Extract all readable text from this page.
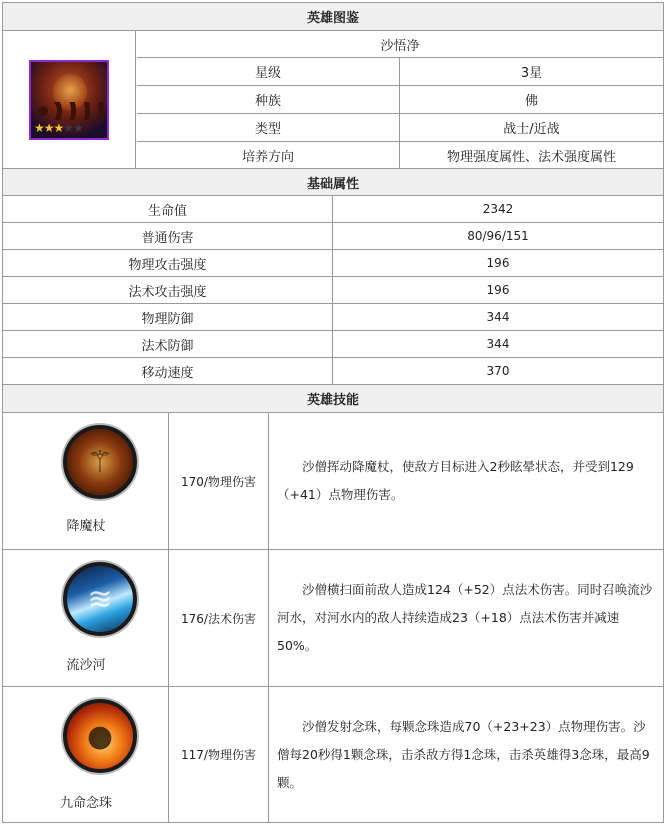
英雄图鉴
★★★★★
沙悟净
星级	3星
种族	佛
类型	战士/近战
培养方向	物理强度属性、法术强度属性
基础属性
生命值	2342
普通伤害	80/96/151
物理攻击强度	196
法术攻击强度	196
物理防御	344
法术防御	344
移动速度	370
英雄技能
⚚
降魔杖
170/物理伤害

沙僧挥动降魔杖，使敌方目标进入2秒眩晕状态，并受到129（+41）点物理伤害。

≋
流沙河
176/法术伤害

沙僧横扫面前敌人造成124（+52）点法术伤害。同时召唤流沙河水，对河水内的敌人持续造成23（+18）点法术伤害并减速50%。

●
九命念珠
117/物理伤害

沙僧发射念珠，每颗念珠造成70（+23+23）点物理伤害。沙僧每20秒得1颗念珠，击杀敌方得1念珠，击杀英雄得3念珠，最高9颗。
